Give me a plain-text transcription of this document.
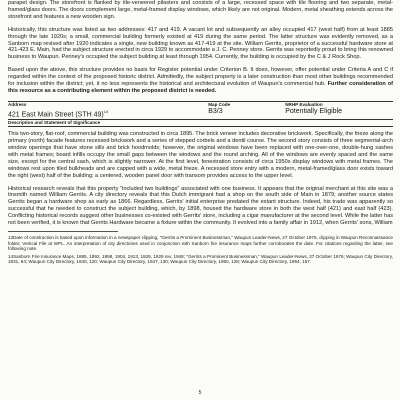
parapet design. The storefront is flanked by tile-veneered pilasters and consists of a large, recessed space with tile flooring and two separate, metal-framed/glass doors. The doors complement large, metal-framed display windows, which likely are not original. Modern, metal sheathing extends across the storefront and features a new wooden sign.

Historically, this structure was listed as two addresses: 417 and 419. A vacant lot and subsequently an alley occupied 417 (west half) from at least 1885 through the late 1920s; a small, commercial building formerly existed at 419 during the same period. The latter structure was evidently removed, as a Sanborn map revised after 1920 indicates a single, new building known as 417-419 at the site. William Gerrits, proprietor of a successful hardware store at 421-423 E. Main, had the subject structure erected in circa 1929 to accommodate a J. C. Penney store. Gerrits was reportedly proud to bring this renowned business to Waupun. Penney's occupied the subject building at least through 1954. Currently, the building is occupied by the C & J Rock Shop.

Based upon the above, this structure provides no basis for Register potential under Criterion B. It does, however, offer potential under Criteria A and C if regarded within the context of the proposed historic district. Admittedly, the subject property is a later construction than most other buildings recommended for inclusion within the district; yet, it no less represents the historical and architectural evolution of Waupun's commercial hub. Further consideration of this resource as a contributing element within the proposed district is needed.

Address	Map Code	NRHP Evaluation
421 East Main Street (STH 49)$^{14}$	B3/3	Potentially Eligible
Description and Statement of Significance

This two-story, flat-roof, commercial building was constructed in circa 1895. The brick veneer includes decorative brickwork. Specifically, the frieze along the primary (north) facade features recessed brickwork and a series of stepped corbels and a dentil course. The second story consists of three segmental-arch window openings that have stone sills and brick hoodmolds; however, the original windows have been replaced with one-over-one, double-hung sashes with metal frames; board infills occupy the small gaps between the windows and the round arching. All of the windows are evenly spaced and the same size, except for the central sash, which is slightly narrower. At the first level, fenestration consists of circa 1950s display windows with metal frames. The windows rest upon tiled bulkheads and are capped with a wide, metal frieze. A recessed store entry with a modern, metal-framed/glass door exists toward the right (west) half of the building; a centered, wooden panel door with transom provides access to the upper level.

Historical research reveals that this property "included two buildings" associated with one business. It appears that the original merchant at this site was a tinsmith named William Gerrits. A city directory reveals that this Dutch immigrant had a shop on the south side of Main in 1879; another source states Gerrits began a hardware shop as early as 1866. Regardless, Gerrits' initial enterprise predated the extant structure. Indeed, his trade was apparently so successful that he needed to construct the subject building, which, by 1898, housed the hardware store in both the west half (421) and east half (423). Conflicting historical records suggest other businesses co-existed with Gerrits' store, including a cigar manufacturer at the second level. While the latter has not been verified, it is known that Gerrits Hardware became a fixture within the community. It evolved into a family affair in 1912, when Gerrits' sons, William

13Date of construction is based upon information in a newspaper clipping, "Gerrits a Prominent Businessman," Waupun Leader-News, 27 October 1976, clipping in Waupun Reconnaissance folder, Vertical File at WPL. An interpretation of city directories used in conjunction with Sanborn fire insurance maps further corroborates the date. For citations regarding the latter, see following note.

14Sanborn Fire Insurance Maps, 1885, 1892, 1898, 1904, 1913, 1929, 1929 rev. 1948; "Gerrits a Prominent Businessman," Waupun Leader-News, 27 October 1976; Waupun City Directory, 1931, 84; Waupun City Directory, 1940, 120; Waupun City Directory, 1947, 130; Waupun City Directory, 1950, 128; Waupun City Directory, 1954, 157.

5
